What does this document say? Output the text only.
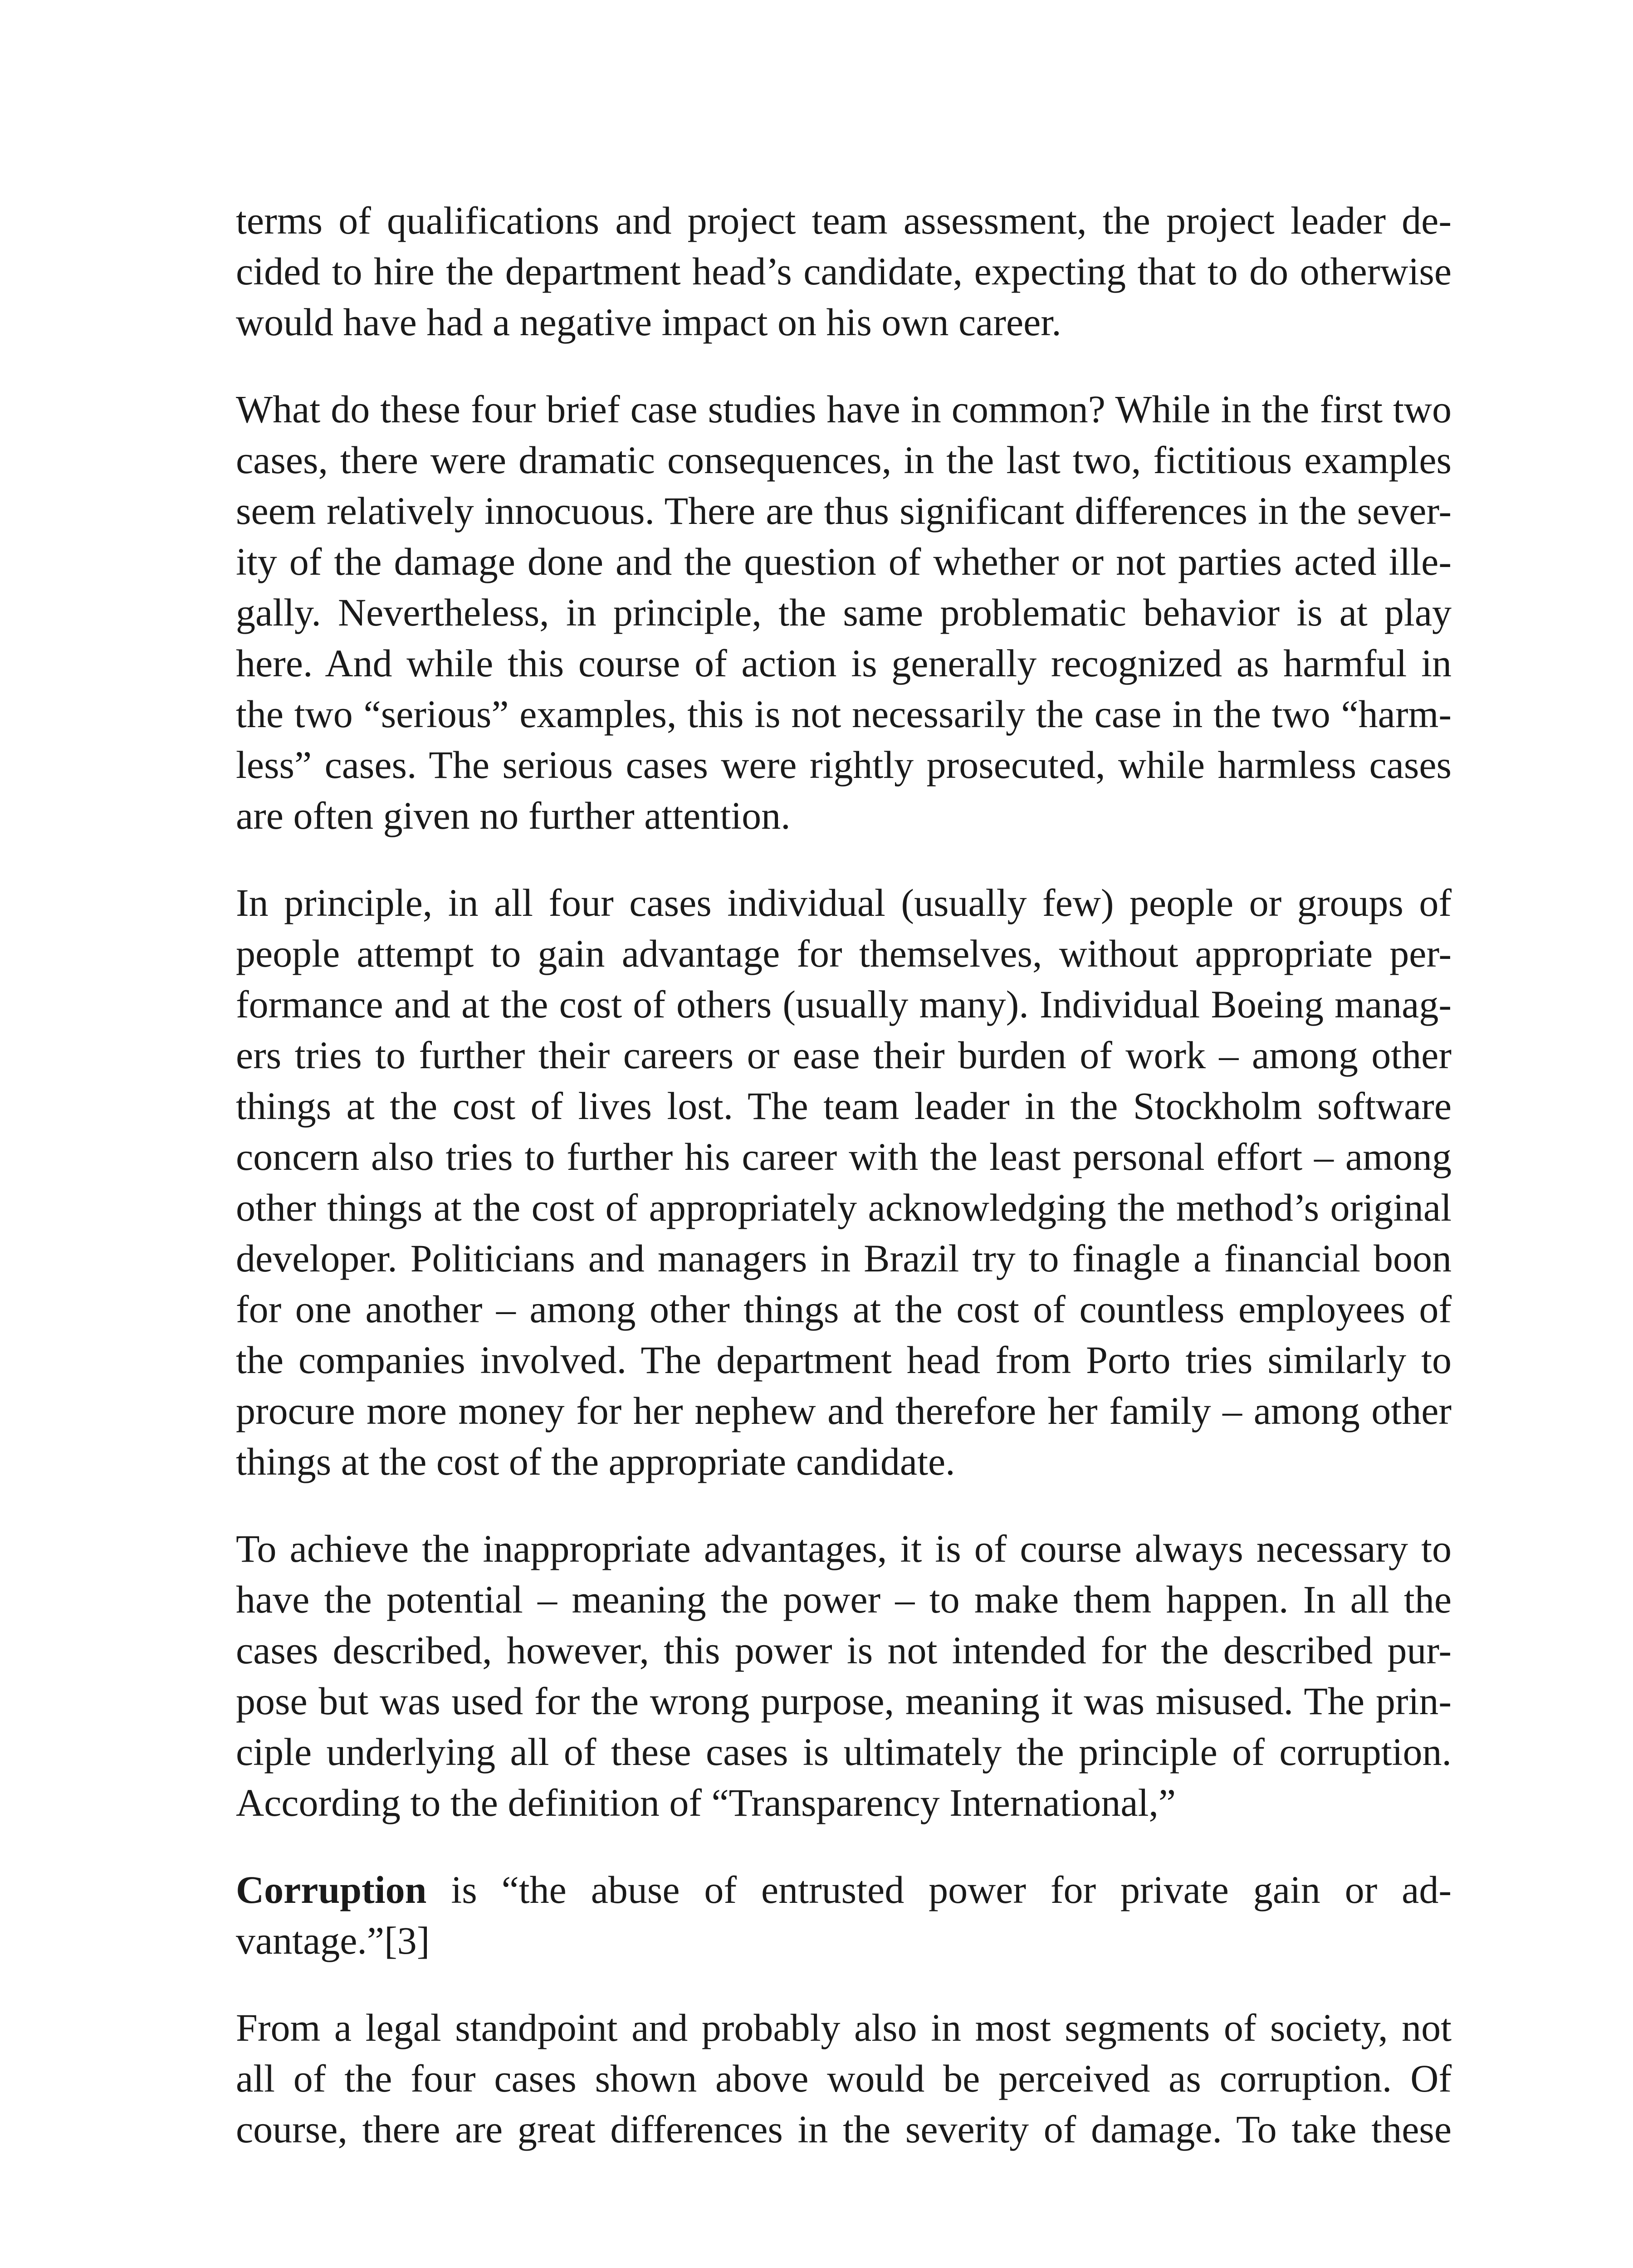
terms of qualifications and project team assessment, the project leader de-
cided to hire the department head’s candidate, expecting that to do otherwise
would have had a negative impact on his own career.

What do these four brief case studies have in common? While in the first two
cases, there were dramatic consequences, in the last two, fictitious examples
seem relatively innocuous. There are thus significant differences in the sever-
ity of the damage done and the question of whether or not parties acted ille-
gally. Nevertheless, in principle, the same problematic behavior is at play
here. And while this course of action is generally recognized as harmful in
the two “serious” examples, this is not necessarily the case in the two “harm-
less” cases. The serious cases were rightly prosecuted, while harmless cases
are often given no further attention.

In principle, in all four cases individual (usually few) people or groups of
people attempt to gain advantage for themselves, without appropriate per-
formance and at the cost of others (usually many). Individual Boeing manag-
ers tries to further their careers or ease their burden of work – among other
things at the cost of lives lost. The team leader in the Stockholm software
concern also tries to further his career with the least personal effort – among
other things at the cost of appropriately acknowledging the method’s original
developer. Politicians and managers in Brazil try to finagle a financial boon
for one another – among other things at the cost of countless employees of
the companies involved. The department head from Porto tries similarly to
procure more money for her nephew and therefore her family – among other
things at the cost of the appropriate candidate.

To achieve the inappropriate advantages, it is of course always necessary to
have the potential – meaning the power – to make them happen. In all the
cases described, however, this power is not intended for the described pur-
pose but was used for the wrong purpose, meaning it was misused. The prin-
ciple underlying all of these cases is ultimately the principle of corruption.
According to the definition of “Transparency International,”

Corruption is “the abuse of entrusted power for private gain or ad-
vantage.”[3]

From a legal standpoint and probably also in most segments of society, not
all of the four cases shown above would be perceived as corruption. Of
course, there are great differences in the severity of damage. To take these
